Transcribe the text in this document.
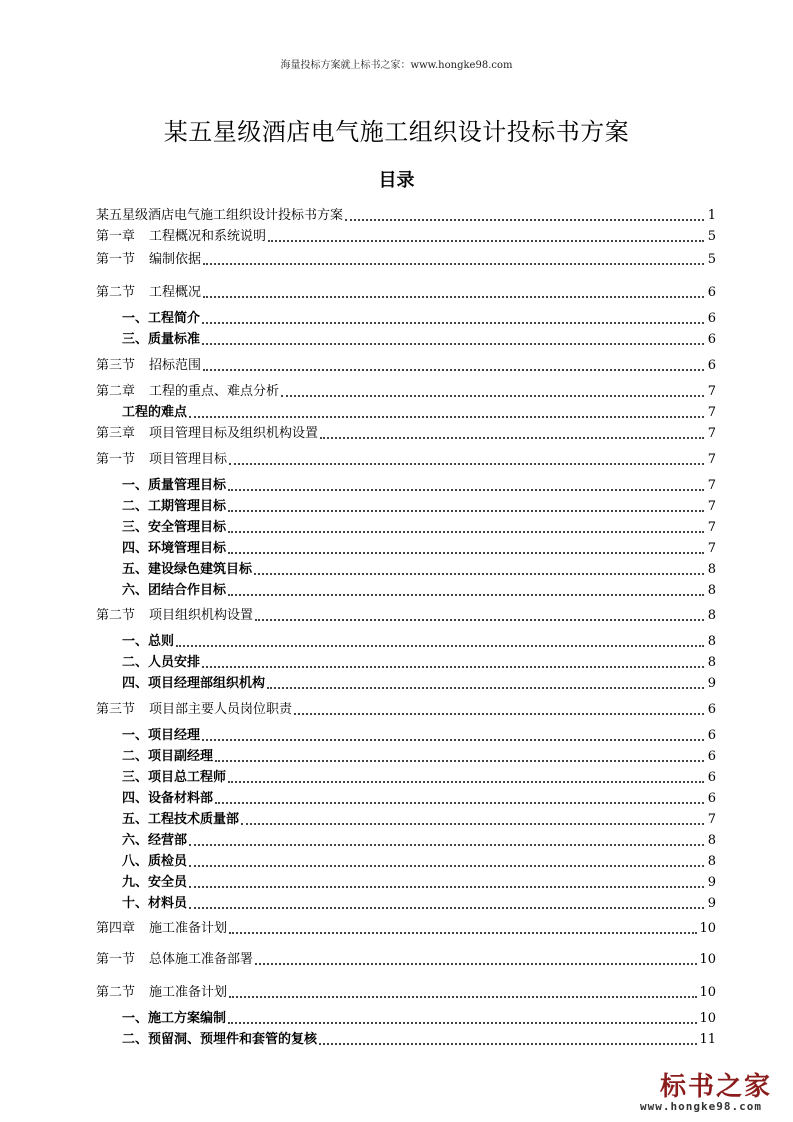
海量投标方案就上标书之家：www.hongke98.com
某五星级酒店电气施工组织设计投标书方案
目录
某五星级酒店电气施工组织设计投标书方案	1
第一章 工程概况和系统说明	5
第一节 编制依据	5
第二节 工程概况	6
一、工程简介	6
三、质量标准	6
第三节 招标范围	6
第二章 工程的重点、难点分析	7
工程的难点	7
第三章 项目管理目标及组织机构设置	7
第一节 项目管理目标	7
一、质量管理目标	7
二、工期管理目标	7
三、安全管理目标	7
四、环境管理目标	7
五、建设绿色建筑目标	8
六、团结合作目标	8
第二节 项目组织机构设置	8
一、总则	8
二、人员安排	8
四、项目经理部组织机构	9
第三节 项目部主要人员岗位职责	6
一、项目经理	6
二、项目副经理	6
三、项目总工程师	6
四、设备材料部	6
五、工程技术质量部	7
六、经营部	8
八、质检员	8
九、安全员	9
十、材料员	9
第四章 施工准备计划	10
第一节 总体施工准备部署	10
第二节 施工准备计划	10
一、施工方案编制	10
二、预留洞、预埋件和套管的复核	11
标书之家
www.hongke98.com
